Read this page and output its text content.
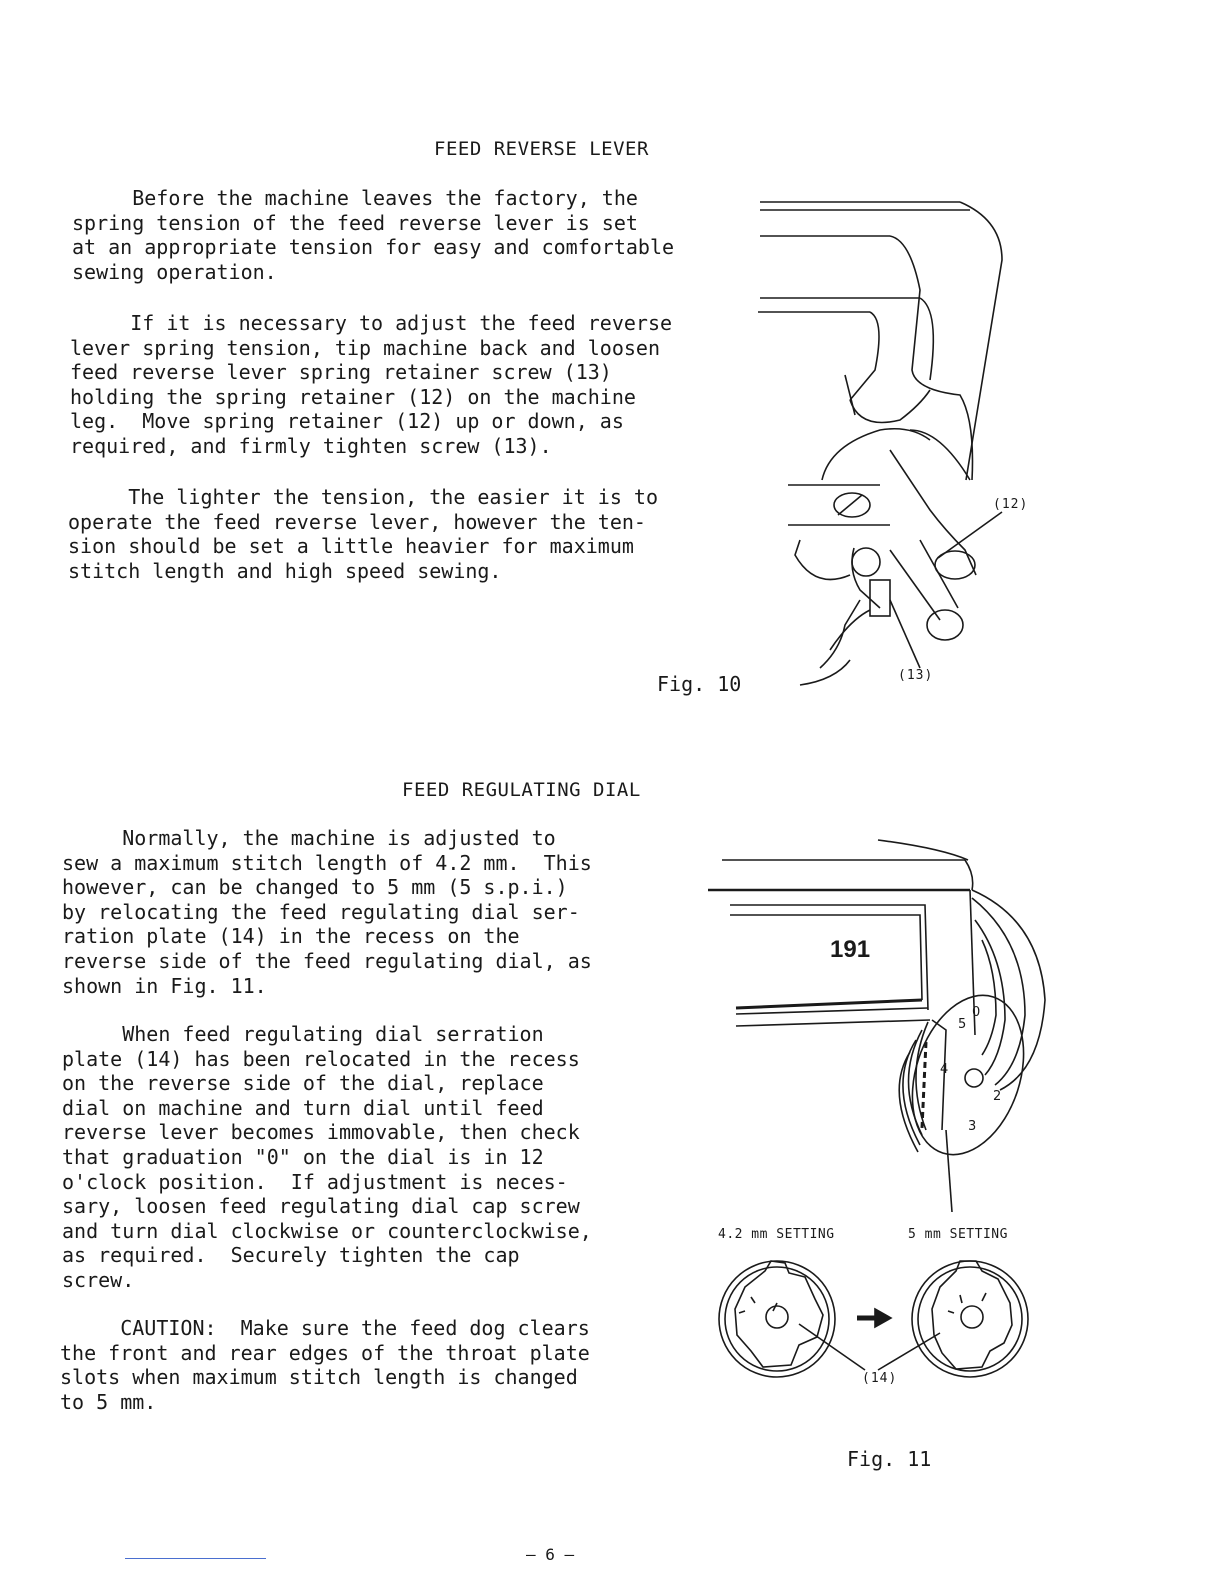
FEED REVERSE LEVER
Before the machine leaves the factory, the
spring tension of the feed reverse lever is set
at an appropriate tension for easy and comfortable
sewing operation.
If it is necessary to adjust the feed reverse
lever spring tension, tip machine back and loosen
feed reverse lever spring retainer screw (13)
holding the spring retainer (12) on the machine
leg.  Move spring retainer (12) up or down, as
required, and firmly tighten screw (13).
The lighter the tension, the easier it is to
operate the feed reverse lever, however the ten-
sion should be set a little heavier for maximum
stitch length and high speed sewing.
(12)
(13)
Fig. 10
FEED REGULATING DIAL
Normally, the machine is adjusted to
sew a maximum stitch length of 4.2 mm.  This
however, can be changed to 5 mm (5 s.p.i.)
by relocating the feed regulating dial ser-
ration plate (14) in the recess on the
reverse side of the feed regulating dial, as
shown in Fig. 11.
When feed regulating dial serration
plate (14) has been relocated in the recess
on the reverse side of the dial, replace
dial on machine and turn dial until feed
reverse lever becomes immovable, then check
that graduation "0" on the dial is in 12
o'clock position.  If adjustment is neces-
sary, loosen feed regulating dial cap screw
and turn dial clockwise or counterclockwise,
as required.  Securely tighten the cap
screw.
CAUTION:  Make sure the feed dog clears
the front and rear edges of the throat plate
slots when maximum stitch length is changed
to 5 mm.
5
0
4
2
3
191
4.2 mm SETTING	5 mm SETTING
(14)
Fig. 11
— 6 —
